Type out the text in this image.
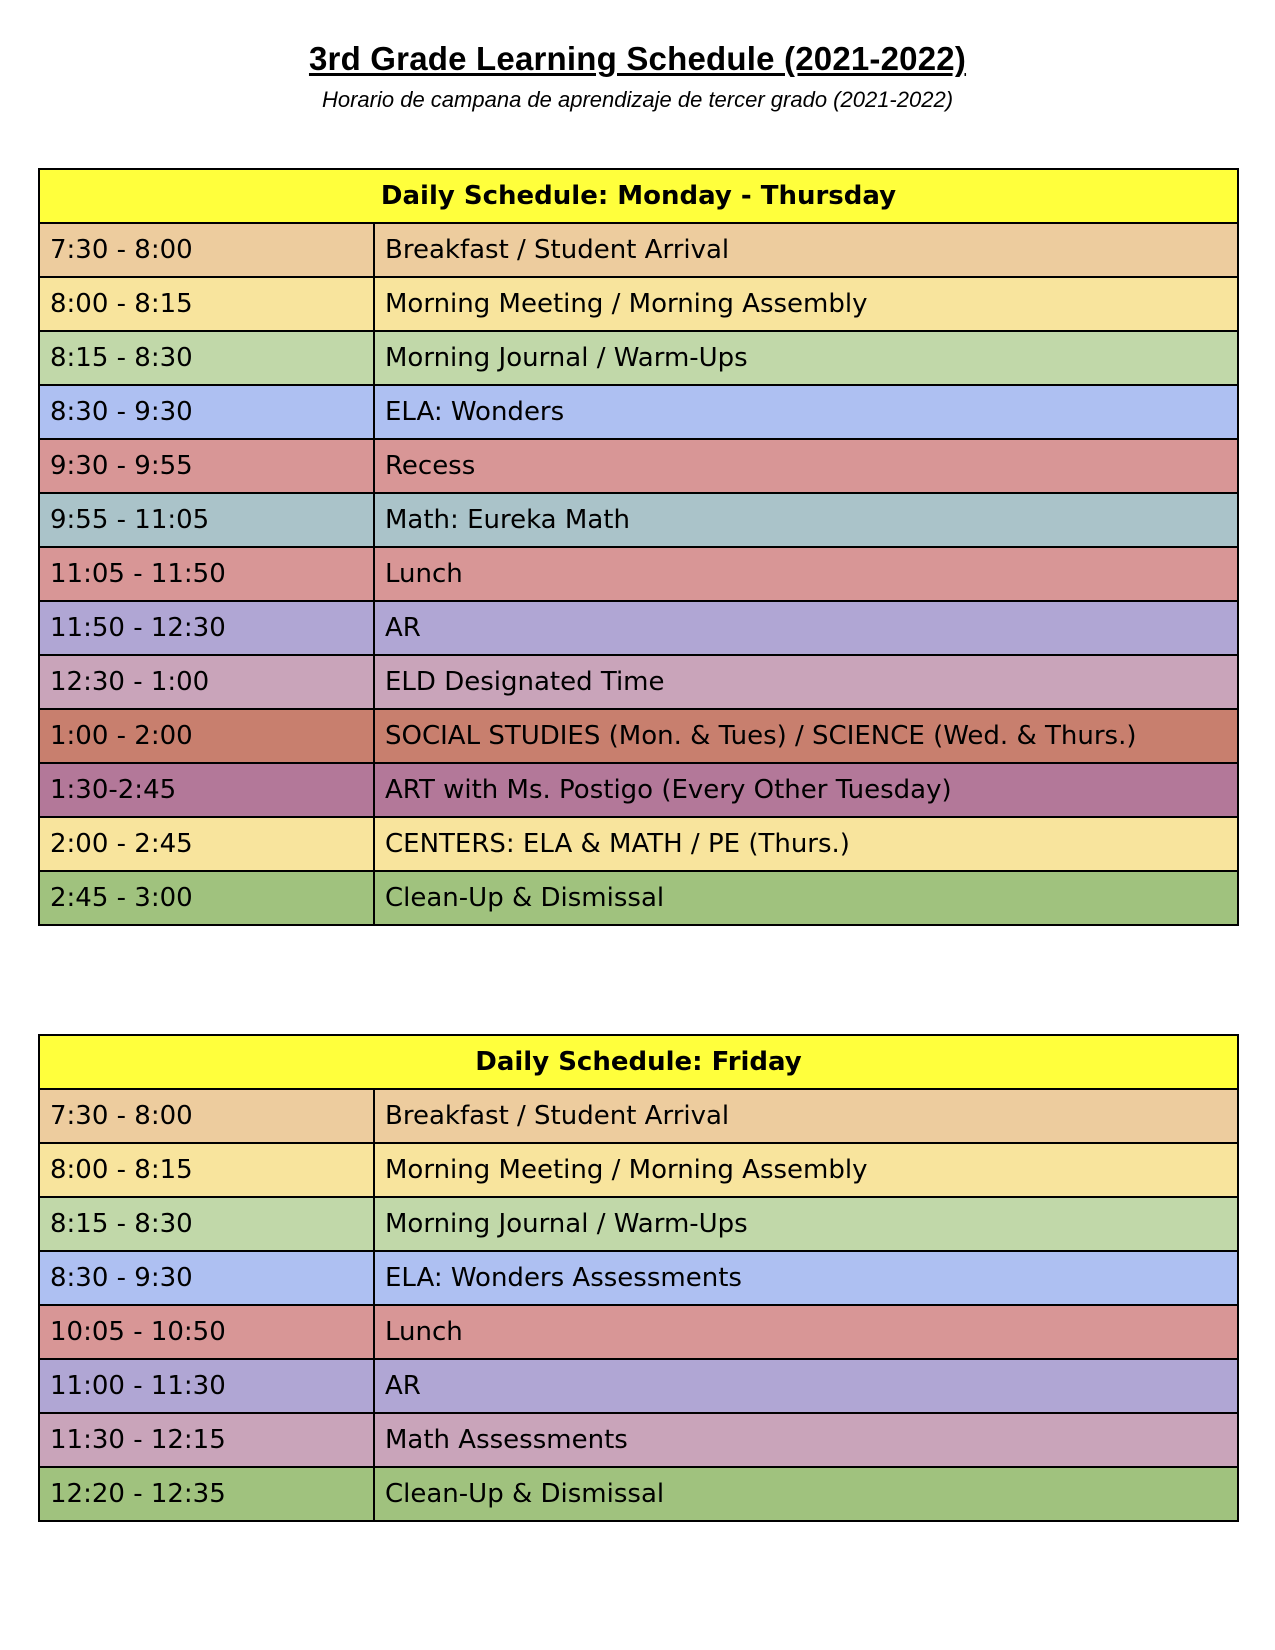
3rd Grade Learning Schedule (2021-2022)
Horario de campana de aprendizaje de tercer grado (2021-2022)
Daily Schedule: Monday - Thursday	
7:30 - 8:00	Breakfast / Student Arrival
8:00 - 8:15	Morning Meeting / Morning Assembly
8:15 - 8:30	Morning Journal / Warm-Ups
8:30 - 9:30	ELA: Wonders
9:30 - 9:55	Recess
9:55 - 11:05	Math: Eureka Math
11:05 - 11:50	Lunch
11:50 - 12:30	AR
12:30 - 1:00	ELD Designated Time
1:00 - 2:00	SOCIAL STUDIES (Mon. & Tues) / SCIENCE (Wed. & Thurs.)
1:30-2:45	ART with Ms. Postigo (Every Other Tuesday)
2:00 - 2:45	CENTERS: ELA & MATH / PE (Thurs.)
2:45 - 3:00	Clean-Up & Dismissal
Daily Schedule: Friday	
7:30 - 8:00	Breakfast / Student Arrival
8:00 - 8:15	Morning Meeting / Morning Assembly
8:15 - 8:30	Morning Journal / Warm-Ups
8:30 - 9:30	ELA: Wonders Assessments
10:05 - 10:50	Lunch
11:00 - 11:30	AR
11:30 - 12:15	Math Assessments
12:20 - 12:35	Clean-Up & Dismissal
